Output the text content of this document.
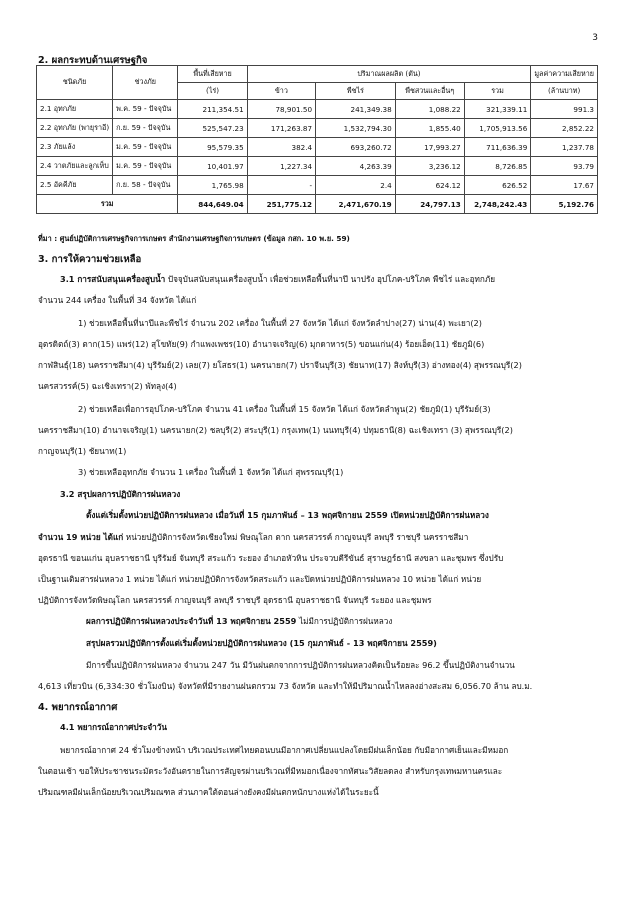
3
2. ผลกระทบด้านเศรษฐกิจ
ชนิดภัย	ช่วงภัย	พื้นที่เสียหาย	ปริมาณผลผลิต (ตัน)				มูลค่าความเสียหาย
		(ไร่)	ข้าว	พืชไร่	พืชสวนและอื่นๆ	รวม	(ล้านบาท)
2.1 อุทกภัย	พ.ค. 59 - ปัจจุบัน	211,354.51	78,901.50	241,349.38	1,088.22	321,339.11	991.3
2.2 อุทกภัย (พายุราอี)	ก.ย. 59 - ปัจจุบัน	525,547.23	171,263.87	1,532,794.30	1,855.40	1,705,913.56	2,852.22
2.3 ภัยแล้ง	ม.ค. 59 - ปัจจุบัน	95,579.35	382.4	693,260.72	17,993.27	711,636.39	1,237.78
2.4 วาตภัยและลูกเห็บ	ม.ค. 59 - ปัจจุบัน	10,401.97	1,227.34	4,263.39	3,236.12	8,726.85	93.79
2.5 อัคคีภัย	ก.ย. 58 - ปัจจุบัน	1,765.98	-	2.4	624.12	626.52	17.67
รวม		844,649.04	251,775.12	2,471,670.19	24,797.13	2,748,242.43	5,192.76
ที่มา : ศูนย์ปฏิบัติการเศรษฐกิจการเกษตร สำนักงานเศรษฐกิจการเกษตร (ข้อมูล กสก. 10 พ.ย. 59)
3. การให้ความช่วยเหลือ
3.1 การสนับสนุนเครื่องสูบน้ำ ปัจจุบันสนับสนุนเครื่องสูบน้ำ เพื่อช่วยเหลือพื้นที่นาปี นาปรัง อุปโภค-บริโภค พืชไร่ และอุทกภัย
จำนวน 244 เครื่อง ในพื้นที่ 34 จังหวัด ได้แก่
1) ช่วยเหลือพื้นที่นาปีและพืชไร่ จำนวน 202 เครื่อง ในพื้นที่ 27 จังหวัด ได้แก่ จังหวัดลำปาง(27) น่าน(4) พะเยา(2)
อุตรดิตถ์(3) ตาก(15) แพร่(12) สุโขทัย(9) กำแพงเพชร(10) อำนาจเจริญ(6) มุกดาหาร(5) ขอนแก่น(4) ร้อยเอ็ด(11) ชัยภูมิ(6)
กาฬสินธุ์(18) นครราชสีมา(4) บุรีรัมย์(2) เลย(7) ยโสธร(1) นครนายก(7) ปราจีนบุรี(3) ชัยนาท(17) สิงห์บุรี(3) อ่างทอง(4) สุพรรณบุรี(2)
นครสวรรค์(5) ฉะเชิงเทรา(2) พัทลุง(4)
2) ช่วยเหลือเพื่อการอุปโภค-บริโภค จำนวน 41 เครื่อง ในพื้นที่ 15 จังหวัด ได้แก่ จังหวัดลำพูน(2) ชัยภูมิ(1) บุรีรัมย์(3)
นครราชสีมา(10) อำนาจเจริญ(1) นครนายก(2) ชลบุรี(2) สระบุรี(1) กรุงเทพ(1) นนทบุรี(4) ปทุมธานี(8) ฉะเชิงเทรา (3) สุพรรณบุรี(2)
กาญจนบุรี(1) ชัยนาท(1)
3) ช่วยเหลืออุทกภัย จำนวน 1 เครื่อง ในพื้นที่ 1 จังหวัด ได้แก่ สุพรรณบุรี(1)
3.2 สรุปผลการปฏิบัติการฝนหลวง
ตั้งแต่เริ่มตั้งหน่วยปฏิบัติการฝนหลวง เมื่อวันที่ 15 กุมภาพันธ์ – 13 พฤศจิกายน 2559 เปิดหน่วยปฏิบัติการฝนหลวง
จำนวน 19 หน่วย ได้แก่ หน่วยปฏิบัติการจังหวัดเชียงใหม่ พิษณุโลก ตาก นครสวรรค์ กาญจนบุรี ลพบุรี ราชบุรี นครราชสีมา
อุดรธานี ขอนแก่น อุบลราชธานี บุรีรัมย์ จันทบุรี สระแก้ว ระยอง อำเภอหัวหิน ประจวบคีรีขันธ์ สุราษฎร์ธานี สงขลา และชุมพร ซึ่งปรับ
เป็นฐานเติมสารฝนหลวง 1 หน่วย ได้แก่ หน่วยปฏิบัติการจังหวัดสระแก้ว และปิดหน่วยปฏิบัติการฝนหลวง 10 หน่วย ได้แก่ หน่วย
ปฏิบัติการจังหวัดพิษณุโลก นครสวรรค์ กาญจนบุรี ลพบุรี ราชบุรี อุดรธานี อุบลราชธานี จันทบุรี ระยอง และชุมพร
ผลการปฏิบัติการฝนหลวงประจำวันที่ 13 พฤศจิกายน 2559 ไม่มีการปฏิบัติการฝนหลวง
สรุปผลรวมปฏิบัติการตั้งแต่เริ่มตั้งหน่วยปฏิบัติการฝนหลวง (15 กุมภาพันธ์ - 13 พฤศจิกายน 2559)
มีการขึ้นปฏิบัติการฝนหลวง จำนวน 247 วัน มีวันฝนตกจากการปฏิบัติการฝนหลวงคิดเป็นร้อยละ 96.2 ขึ้นปฏิบัติงานจำนวน
4,613 เที่ยวบิน (6,334:30 ชั่วโมงบิน) จังหวัดที่มีรายงานฝนตกรวม 73 จังหวัด และทำให้มีปริมาณน้ำไหลลงอ่างสะสม 6,056.70 ล้าน ลบ.ม.
4. พยากรณ์อากาศ
4.1 พยากรณ์อากาศประจำวัน
พยากรณ์อากาศ 24 ชั่วโมงข้างหน้า บริเวณประเทศไทยตอนบนมีอากาศเปลี่ยนแปลงโดยมีฝนเล็กน้อย กับมีอากาศเย็นและมีหมอก
ในตอนเช้า ขอให้ประชาชนระมัดระวังอันตรายในการสัญจรผ่านบริเวณที่มีหมอกเนื่องจากทัศนะวิสัยลดลง สำหรับกรุงเทพมหานครและ
ปริมณฑลมีฝนเล็กน้อยบริเวณปริมณฑล ส่วนภาคใต้ตอนล่างยังคงมีฝนตกหนักบางแห่งได้ในระยะนี้
